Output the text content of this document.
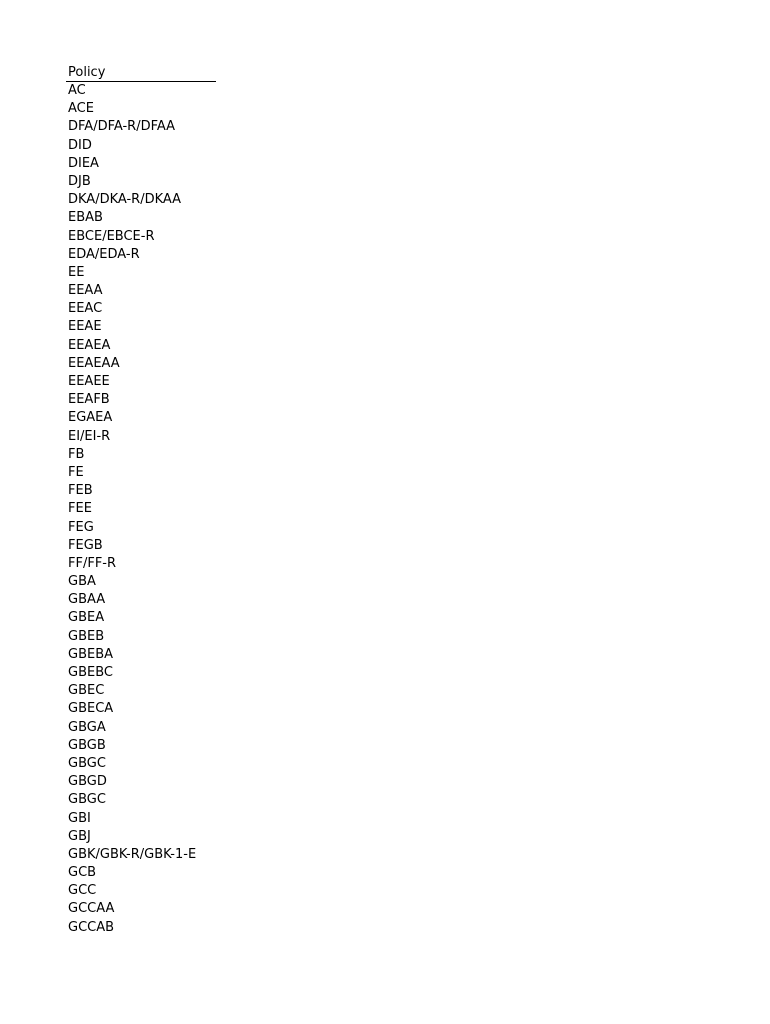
Policy
AC
ACE
DFA/DFA-R/DFAA
DID
DIEA
DJB
DKA/DKA-R/DKAA
EBAB
EBCE/EBCE-R
EDA/EDA-R
EE
EEAA
EEAC
EEAE
EEAEA
EEAEAA
EEAEE
EEAFB
EGAEA
EI/EI-R
FB
FE
FEB
FEE
FEG
FEGB
FF/FF-R
GBA
GBAA
GBEA
GBEB
GBEBA
GBEBC
GBEC
GBECA
GBGA
GBGB
GBGC
GBGD
GBGC
GBI
GBJ
GBK/GBK-R/GBK-1-E
GCB
GCC
GCCAA
GCCAB
